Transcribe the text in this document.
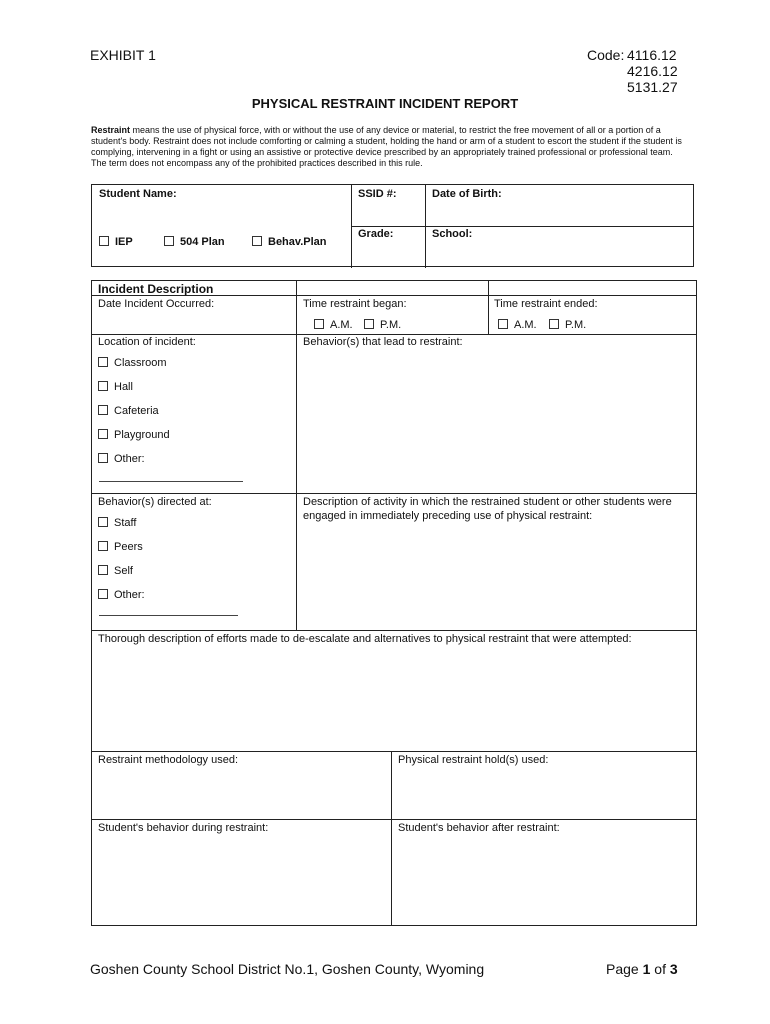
EXHIBIT 1	Code: 4116.12
4216.12
5131.27
PHYSICAL RESTRAINT INCIDENT REPORT
Restraint means the use of physical force, with or without the use of any device or material, to restrict the free movement of all or a portion of a student's body. Restraint does not include comforting or calming a student, holding the hand or arm of a student to escort the student if the student is complying, intervening in a fight or using an assistive or protective device prescribed by an appropriately trained professional or professional team. The term does not encompass any of the prohibited practices described in this rule.
Student Name:	SSID #:	Date of Birth:
Grade:	School:
IEP	504 Plan	Behav.Plan
Incident Description
Date Incident Occurred:	Time restraint began:	Time restraint ended:
A.M.	P.M.	A.M.	P.M.
Location of incident:	Behavior(s) that lead to restraint:
Classroom
Hall
Cafeteria
Playground
Other:
Behavior(s) directed at:	Description of activity in which the restrained student or other students were engaged in immediately preceding use of physical restraint:
Staff
Peers
Self
Other:
Thorough description of efforts made to de-escalate and alternatives to physical restraint that were attempted:
Restraint methodology used:	Physical restraint hold(s) used:
Student's behavior during restraint:	Student's behavior after restraint:
Goshen County School District No.1, Goshen County, Wyoming	Page 1 of 3
